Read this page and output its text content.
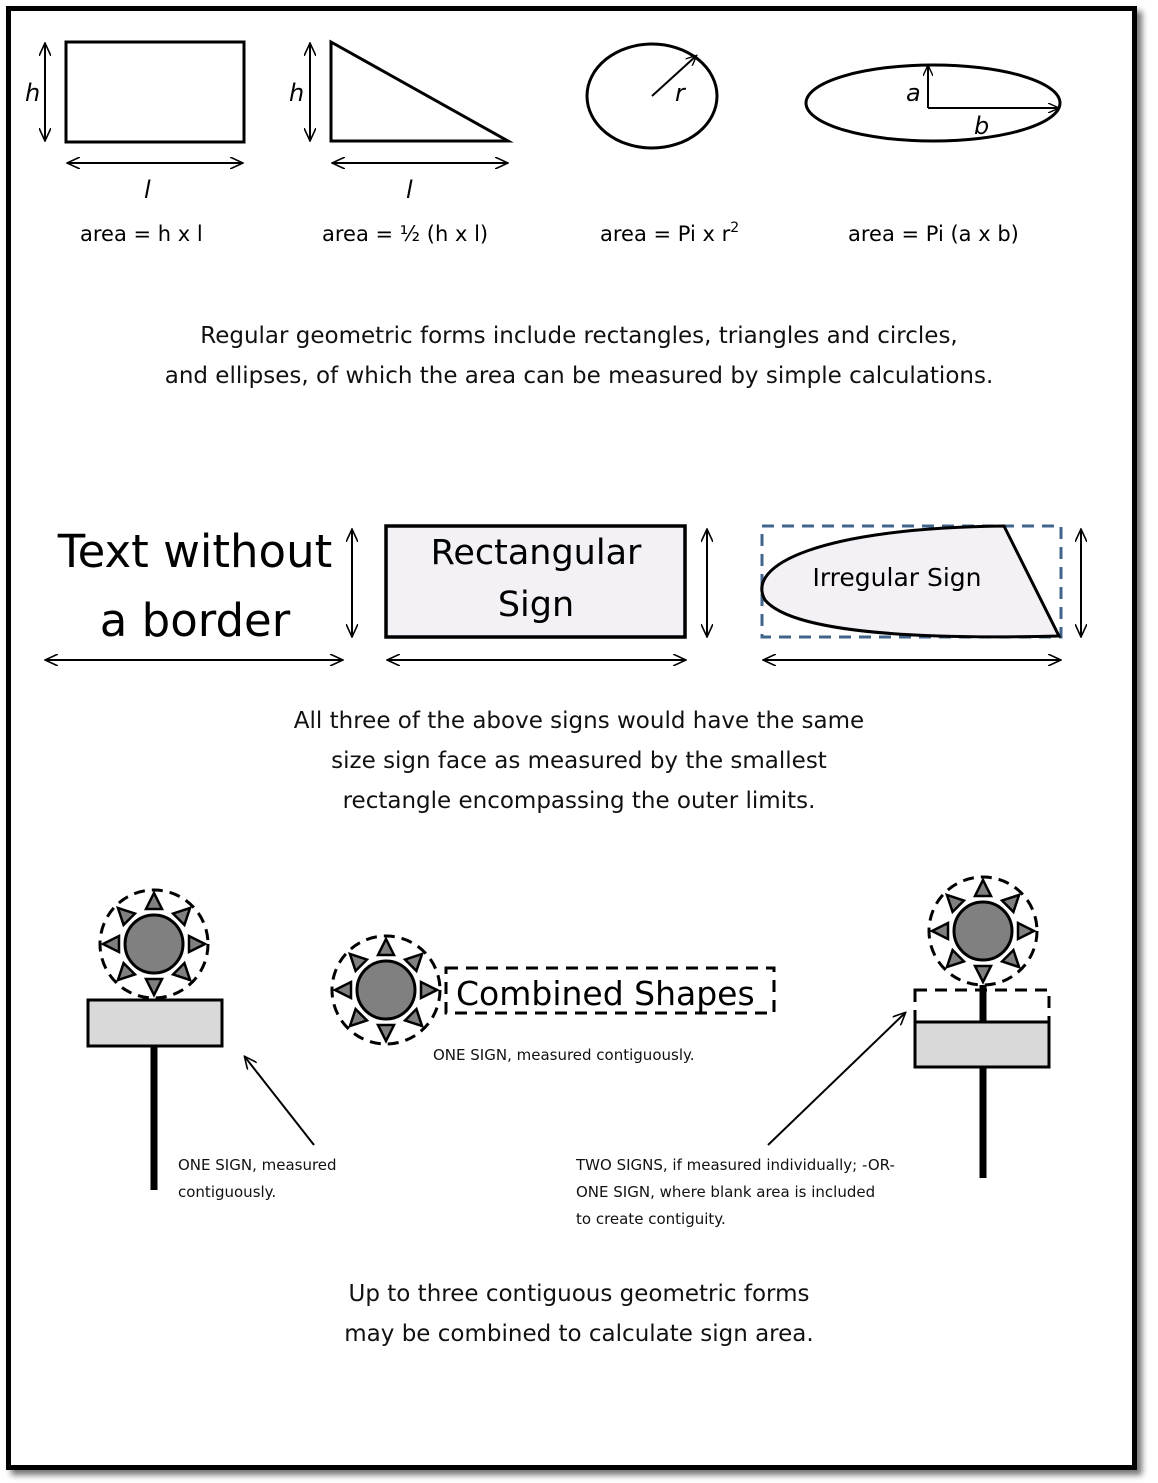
h
l
area = h x l
h
l
area = ½ (h x l)
r
area = Pi x $r^2$
a
b
area = Pi (a x b)
Text without
a border
Rectangular
Sign
Irregular Sign
Combined Shapes
Regular geometric forms include rectangles, triangles and circles,
and ellipses, of which the area can be measured by simple calculations.
All three of the above signs would have the same
size sign face as measured by the smallest
rectangle encompassing the outer limits.
ONE SIGN, measured contiguously.
ONE SIGN, measured
contiguously.
TWO SIGNS, if measured individually; -OR-
ONE SIGN, where blank area is included
to create contiguity.
Up to three contiguous geometric forms
may be combined to calculate sign area.
